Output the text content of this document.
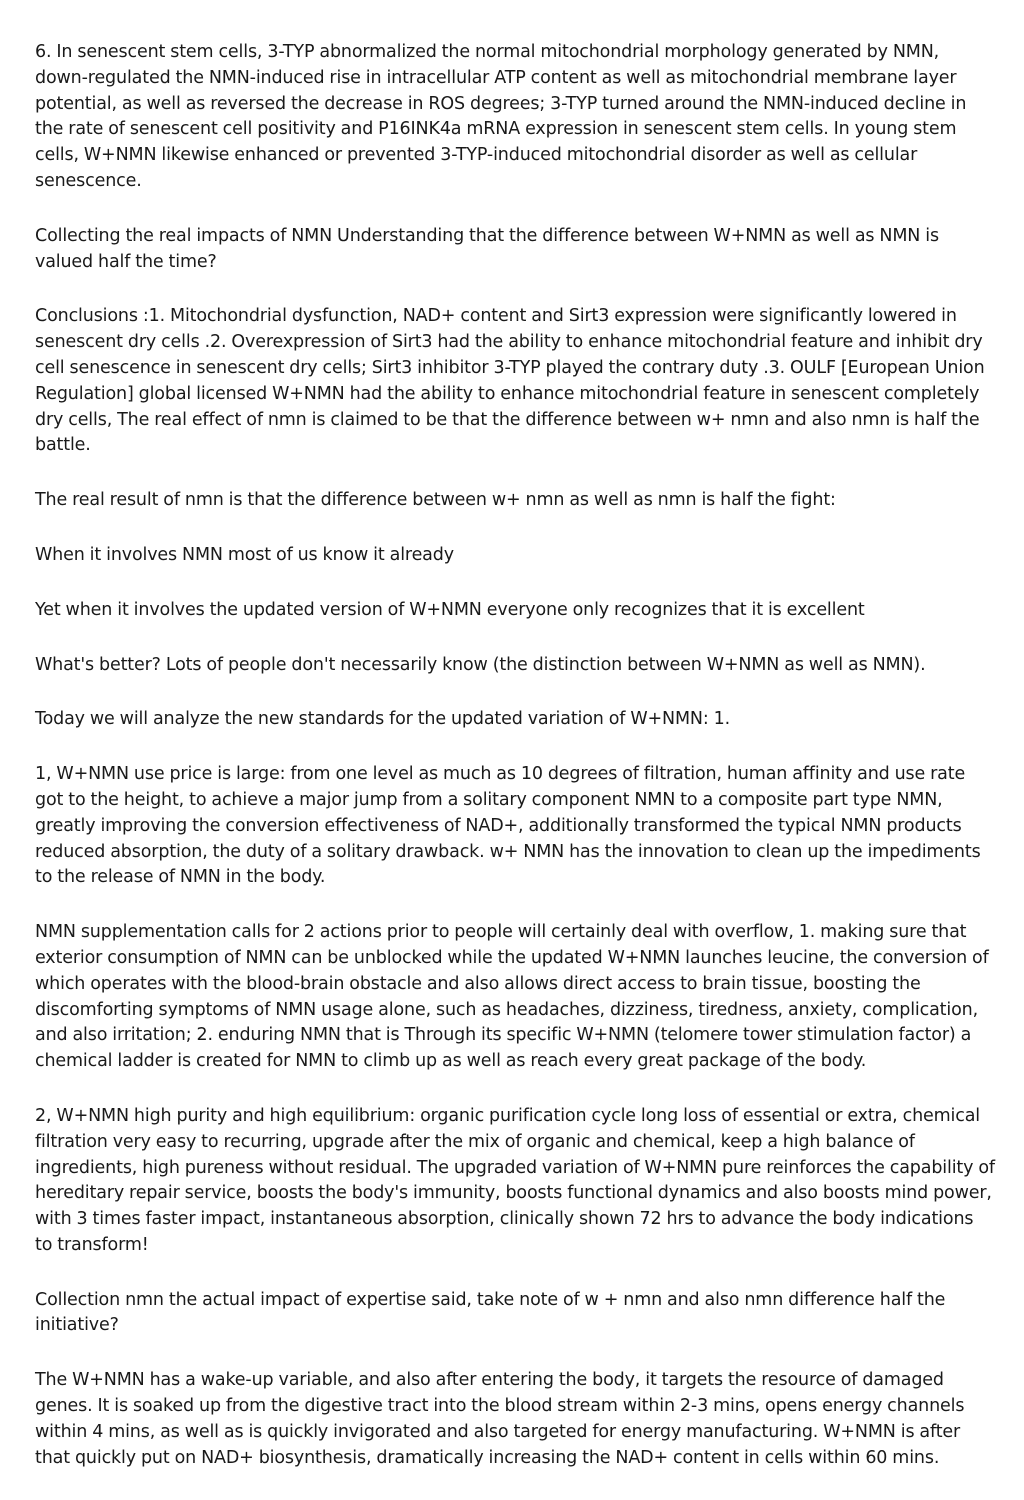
6. In senescent stem cells, 3-TYP abnormalized the normal mitochondrial morphology generated by NMN, down-regulated the NMN-induced rise in intracellular ATP content as well as mitochondrial membrane layer potential, as well as reversed the decrease in ROS degrees; 3-TYP turned around the NMN-induced decline in the rate of senescent cell positivity and P16INK4a mRNA expression in senescent stem cells. In young stem cells, W+NMN likewise enhanced or prevented 3-TYP-induced mitochondrial disorder as well as cellular senescence.

Collecting the real impacts of NMN Understanding that the difference between W+NMN as well as NMN is valued half the time?

Conclusions :1. Mitochondrial dysfunction, NAD+ content and Sirt3 expression were significantly lowered in senescent dry cells .2. Overexpression of Sirt3 had the ability to enhance mitochondrial feature and inhibit dry cell senescence in senescent dry cells; Sirt3 inhibitor 3-TYP played the contrary duty .3. OULF [European Union Regulation] global licensed W+NMN had the ability to enhance mitochondrial feature in senescent completely dry cells, The real effect of nmn is claimed to be that the difference between w+ nmn and also nmn is half the battle.

The real result of nmn is that the difference between w+ nmn as well as nmn is half the fight:

When it involves NMN most of us know it already

Yet when it involves the updated version of W+NMN everyone only recognizes that it is excellent

What's better? Lots of people don't necessarily know (the distinction between W+NMN as well as NMN).

Today we will analyze the new standards for the updated variation of W+NMN: 1.

1, W+NMN use price is large: from one level as much as 10 degrees of filtration, human affinity and use rate got to the height, to achieve a major jump from a solitary component NMN to a composite part type NMN, greatly improving the conversion effectiveness of NAD+, additionally transformed the typical NMN products reduced absorption, the duty of a solitary drawback. w+ NMN has the innovation to clean up the impediments to the release of NMN in the body.

NMN supplementation calls for 2 actions prior to people will certainly deal with overflow, 1. making sure that exterior consumption of NMN can be unblocked while the updated W+NMN launches leucine, the conversion of which operates with the blood-brain obstacle and also allows direct access to brain tissue, boosting the discomforting symptoms of NMN usage alone, such as headaches, dizziness, tiredness, anxiety, complication, and also irritation; 2. enduring NMN that is Through its specific W+NMN (telomere tower stimulation factor) a chemical ladder is created for NMN to climb up as well as reach every great package of the body.

2, W+NMN high purity and high equilibrium: organic purification cycle long loss of essential or extra, chemical filtration very easy to recurring, upgrade after the mix of organic and chemical, keep a high balance of ingredients, high pureness without residual. The upgraded variation of W+NMN pure reinforces the capability of hereditary repair service, boosts the body's immunity, boosts functional dynamics and also boosts mind power, with 3 times faster impact, instantaneous absorption, clinically shown 72 hrs to advance the body indications to transform!

Collection nmn the actual impact of expertise said, take note of w + nmn and also nmn difference half the initiative?

The W+NMN has a wake-up variable, and also after entering the body, it targets the resource of damaged genes. It is soaked up from the digestive tract into the blood stream within 2-3 mins, opens energy channels within 4 mins, as well as is quickly invigorated and also targeted for energy manufacturing. W+NMN is after that quickly put on NAD+ biosynthesis, dramatically increasing the NAD+ content in cells within 60 mins.
